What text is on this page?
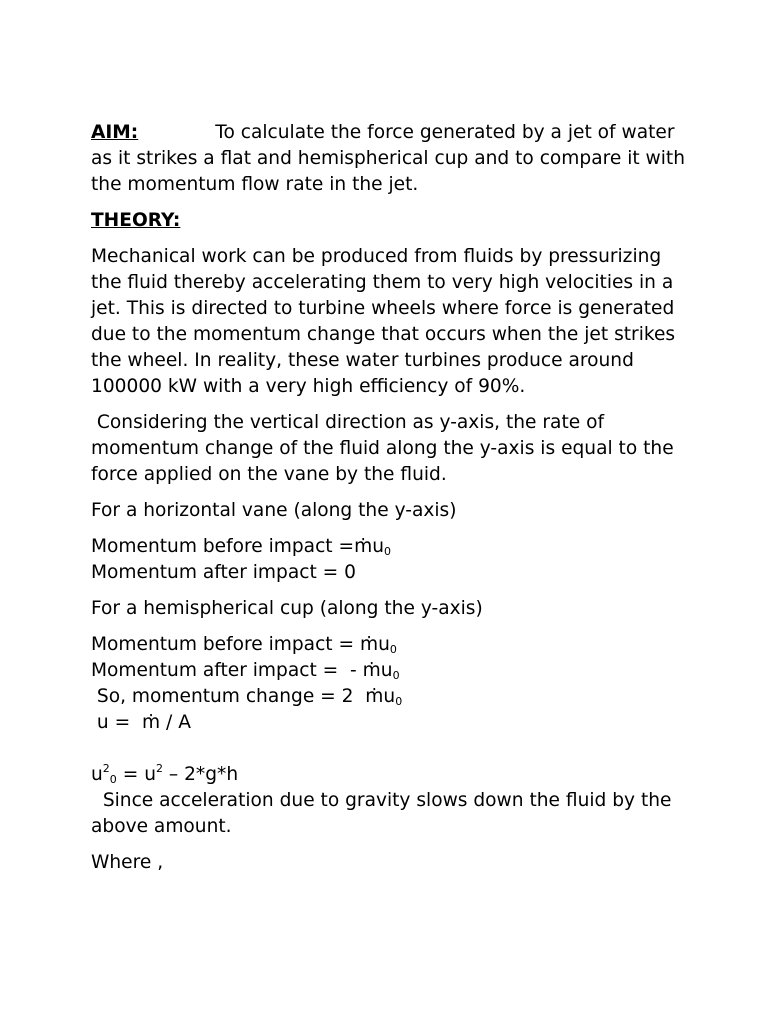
AIM:	To calculate the force generated by a jet of water as it strikes a flat and hemispherical cup and to compare it with the momentum flow rate in the jet.

THEORY:

Mechanical work can be produced from fluids by pressurizing the fluid thereby accelerating them to very high velocities in a jet. This is directed to turbine wheels where force is generated due to the momentum change that occurs when the jet strikes the wheel. In reality, these water turbines produce around 100000 kW with a very high efficiency of 90%.

Considering the vertical direction as y-axis, the rate of momentum change of the fluid along the y-axis is equal to the force applied on the vane by the fluid.

For a horizontal vane (along the y-axis)

Momentum before impact =ṁu$_0$
Momentum after impact = 0

For a hemispherical cup (along the y-axis)

Momentum before impact = ṁu$_0$
Momentum after impact =  - ṁu$_0$
So, momentum change = 2  ṁu$_0$
u =  ṁ / A
$u^2_0 = u^2 - 2*g*h$
Since acceleration due to gravity slows down the fluid by the above amount.

Where ,
